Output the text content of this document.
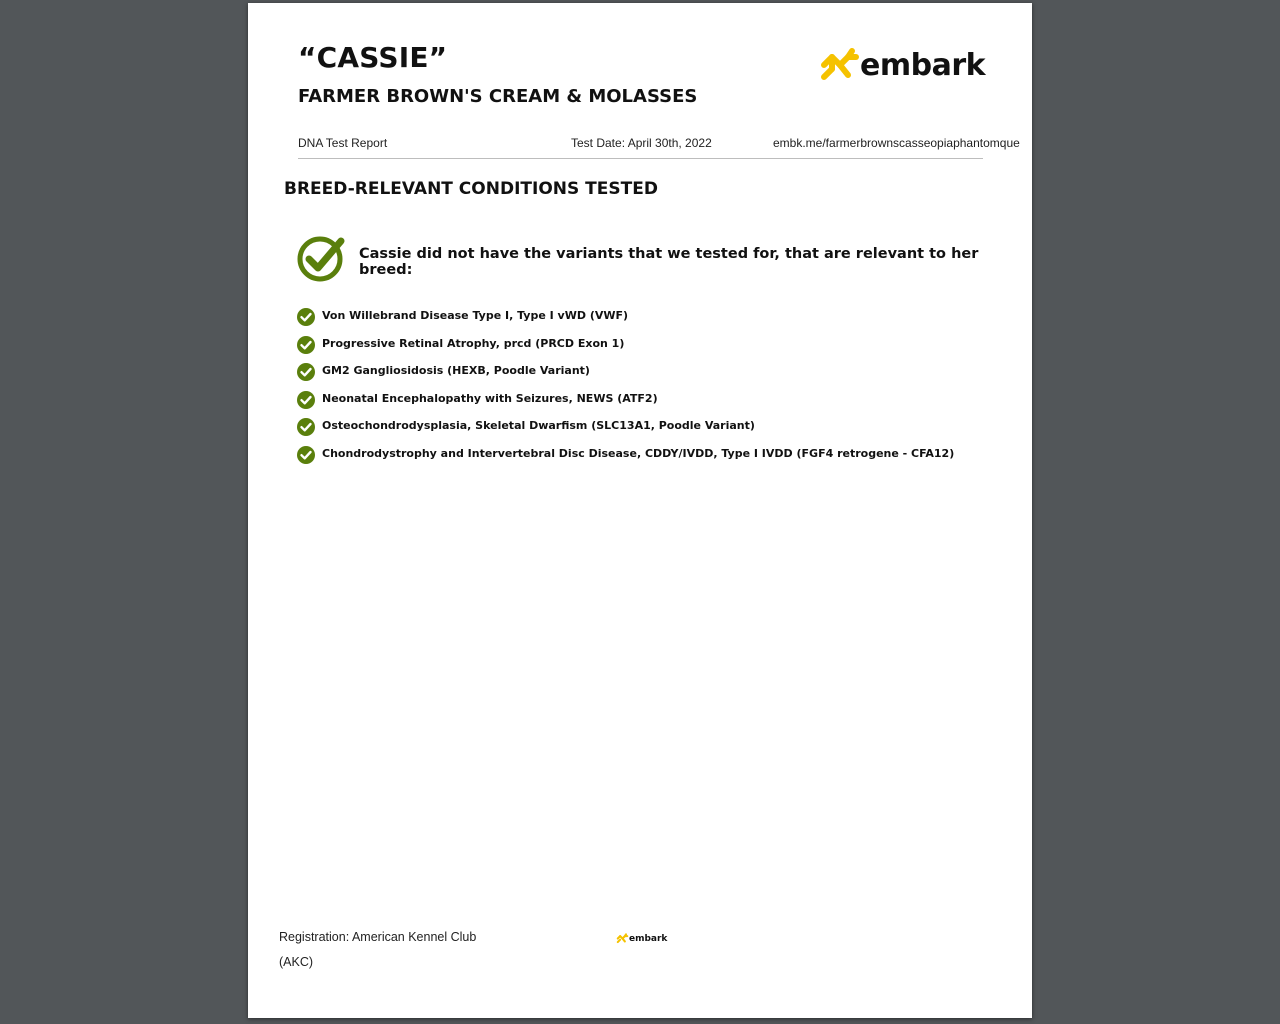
“CASSIE”
FARMER BROWN'S CREAM & MOLASSES
embark
DNA Test Report	Test Date: April 30th, 2022	embk.me/farmerbrownscasseopiaphantomque
BREED-RELEVANT CONDITIONS TESTED
Cassie did not have the variants that we tested for, that are relevant to her breed:
Von Willebrand Disease Type I, Type I vWD (VWF)
Progressive Retinal Atrophy, prcd (PRCD Exon 1)
GM2 Gangliosidosis (HEXB, Poodle Variant)
Neonatal Encephalopathy with Seizures, NEWS (ATF2)
Osteochondrodysplasia, Skeletal Dwarfism (SLC13A1, Poodle Variant)
Chondrodystrophy and Intervertebral Disc Disease, CDDY/IVDD, Type I IVDD (FGF4 retrogene - CFA12)
Registration: American Kennel Club (AKC)
embark
